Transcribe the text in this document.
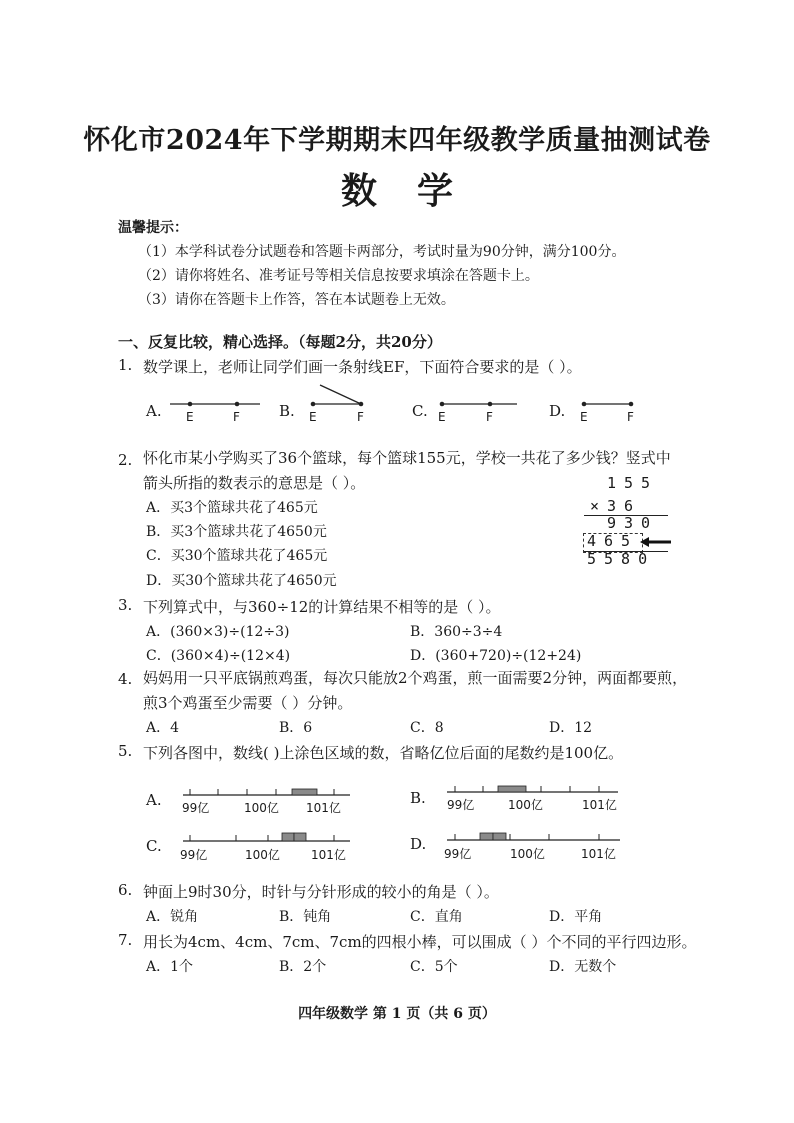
怀化市2024年下学期期末四年级教学质量抽测试卷
数学
温馨提示：
（1）本学科试卷分试题卷和答题卡两部分，考试时量为90分钟，满分100分。
（2）请你将姓名、准考证号等相关信息按要求填涂在答题卡上。
（3）请你在答题卡上作答，答在本试题卷上无效。
一、反复比较，精心选择。（每题2分，共20分）
1. 数学课上，老师让同学们画一条射线EF，下面符合要求的是（ ）。
A.	B.	C.	D.
E	F	E	F	E	F	E	F
2. 怀化市某小学购买了36个篮球，每个篮球155元，学校一共花了多少钱？竖式中
箭头所指的数表示的意思是（ ）。
A．买3个篮球共花了465元
B．买3个篮球共花了4650元
C．买30个篮球共花了465元
D．买30个篮球共花了4650元
155
×36
930
465
5580
3. 下列算式中，与360÷12的计算结果不相等的是（ ）。
A．(360×3)÷(12÷3)	B．360÷3÷4
C．(360×4)÷(12×4)	D．(360+720)÷(12+24)
4. 妈妈用一只平底锅煎鸡蛋，每次只能放2个鸡蛋，煎一面需要2分钟，两面都要煎，
煎3个鸡蛋至少需要（ ）分钟。
A．4	B．6	C．8	D．12
5. 下列各图中，数线( )上涂色区域的数，省略亿位后面的尾数约是100亿。
A.	B.
C.	D.
99亿	100亿 101亿	99亿	100亿	101亿
99亿	100亿	101亿	99亿	100亿	101亿
6. 钟面上9时30分，时针与分针形成的较小的角是（ ）。
A．锐角	B．钝角	C．直角	D．平角
7. 用长为4cm、4cm、7cm、7cm的四根小棒，可以围成（ ）个不同的平行四边形。
A．1个	B．2个	C．5个	D．无数个
四年级数学 第 1 页（共 6 页）
